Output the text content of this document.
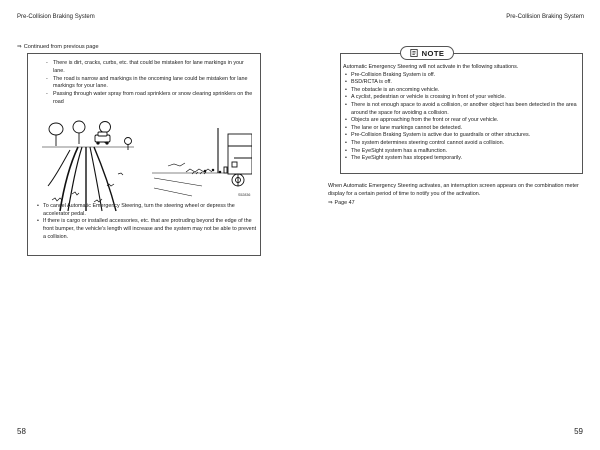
Pre-Collision Braking System
⇒ Continued from previous page
- There is dirt, cracks, curbs, etc. that could be mistaken for lane markings in your lane.
- The road is narrow and markings in the oncoming lane could be mistaken for lane markings for your lane.
- Passing through water spray from road sprinklers or snow clearing sprinklers on the road
S52836
• To cancel Automatic Emergency Steering, turn the steering wheel or depress the accelerator pedal.
• If there is cargo or installed accessories, etc. that are protruding beyond the edge of the front bumper, the vehicle's length will increase and the system may not be able to prevent a collision.
58
Pre-Collision Braking System
NOTE
Automatic Emergency Steering will not activate in the following situations.
• Pre-Collision Braking System is off.
• BSD/RCTA is off.
• The obstacle is an oncoming vehicle.
• A cyclist, pedestrian or vehicle is crossing in front of your vehicle.
• There is not enough space to avoid a collision, or another object has been detected in the area around the space for avoiding a collision.
• Objects are approaching from the front or rear of your vehicle.
• The lane or lane markings cannot be detected.
• Pre-Collision Braking System is active due to guardrails or other structures.
• The system determines steering control cannot avoid a collision.
• The EyeSight system has a malfunction.
• The EyeSight system has stopped temporarily.
When Automatic Emergency Steering activates, an interruption screen appears on the combination meter display for a certain period of time to notify you of the activation.
⇒ Page 47
59
